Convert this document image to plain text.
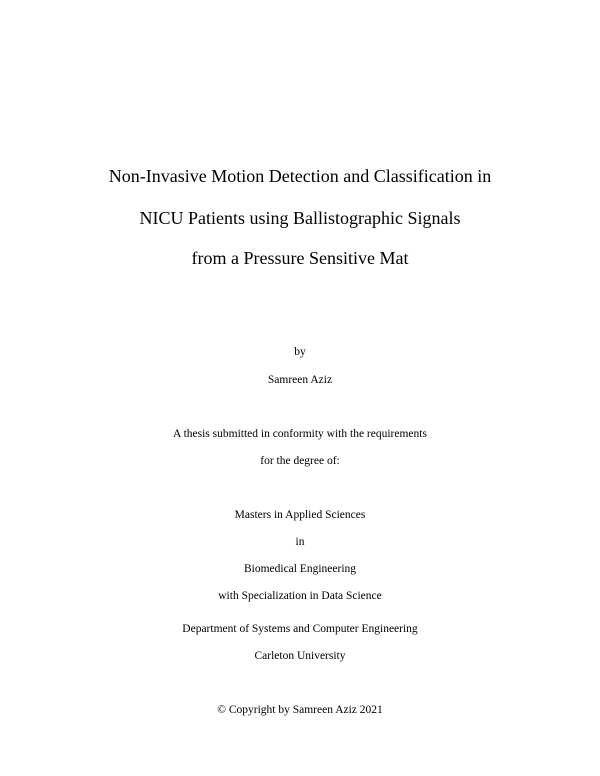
Non-Invasive Motion Detection and Classification in
NICU Patients using Ballistographic Signals
from a Pressure Sensitive Mat
by
Samreen Aziz
A thesis submitted in conformity with the requirements
for the degree of:
Masters in Applied Sciences
in
Biomedical Engineering
with Specialization in Data Science
Department of Systems and Computer Engineering
Carleton University
© Copyright by Samreen Aziz 2021
